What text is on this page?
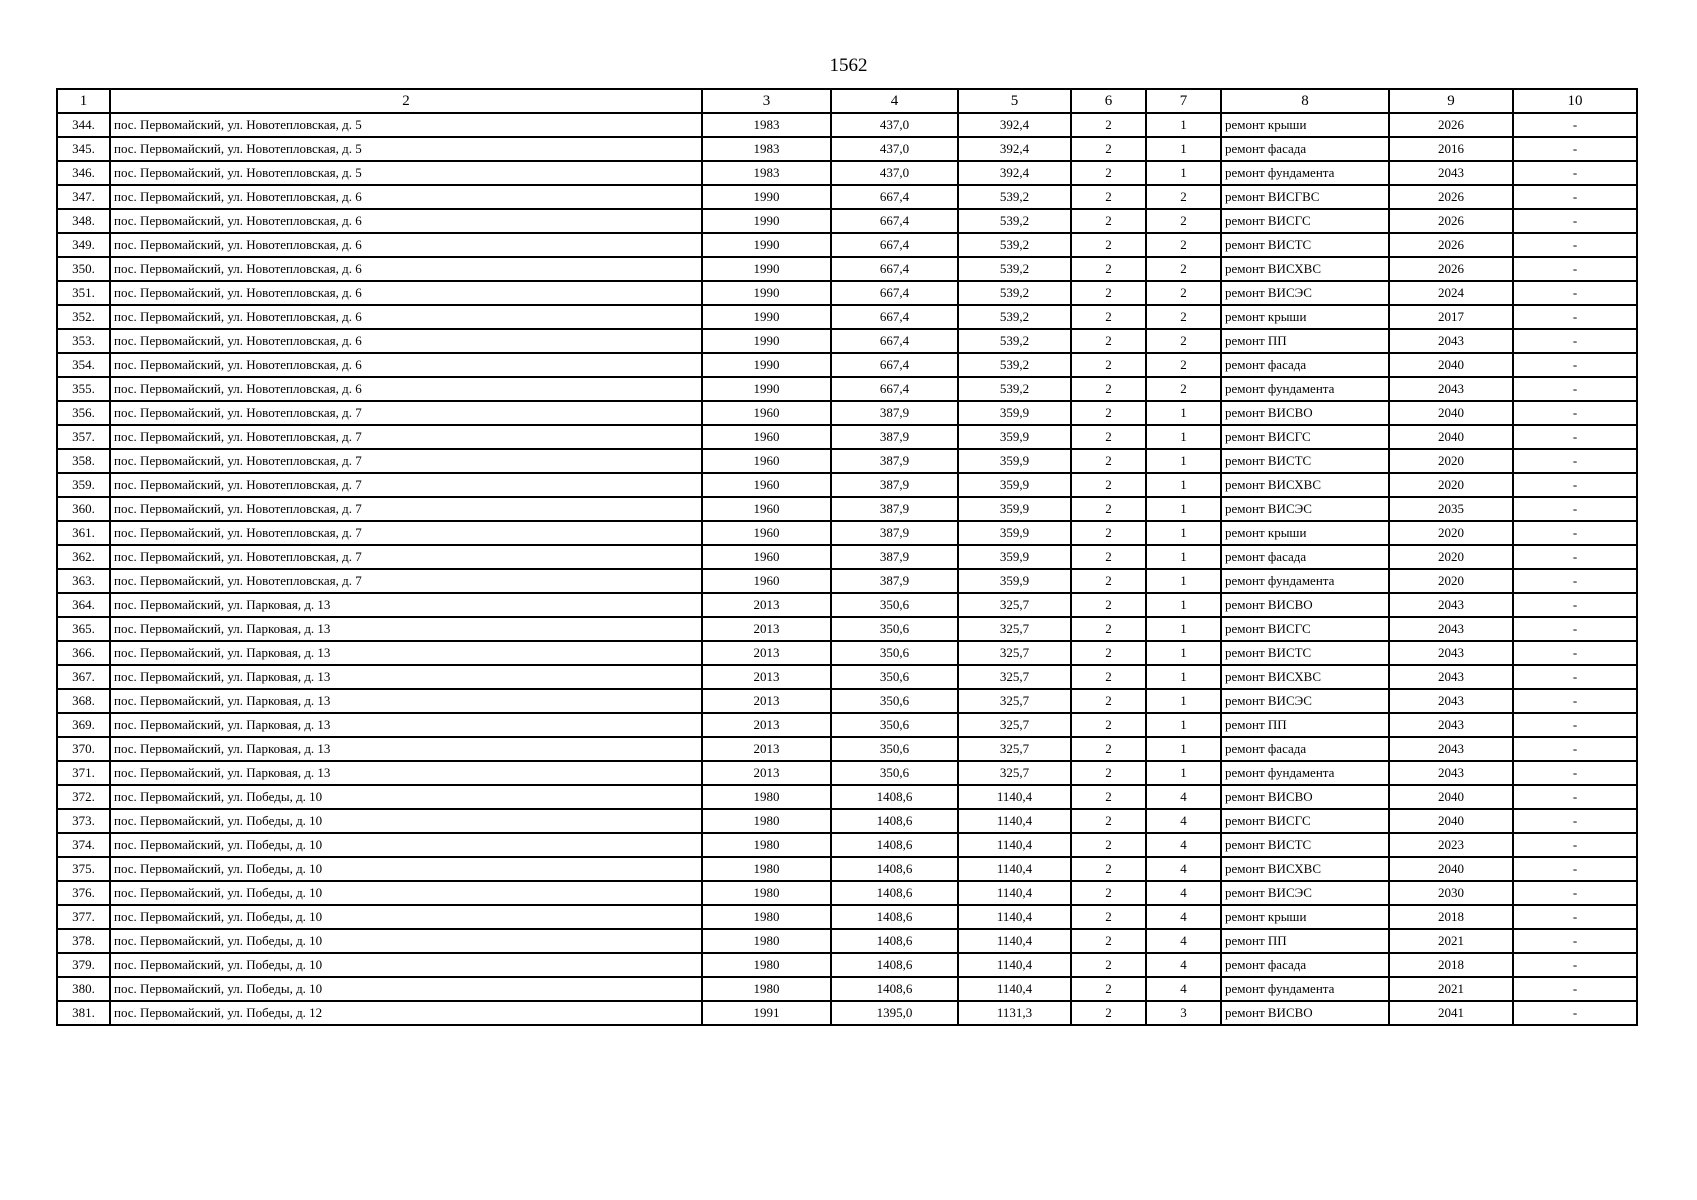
1562
1	2	3	4	5	6	7	8	9	10
344.	пос. Первомайский, ул. Новотепловская, д. 5	1983	437,0	392,4	2	1	ремонт крыши	2026	-
345.	пос. Первомайский, ул. Новотепловская, д. 5	1983	437,0	392,4	2	1	ремонт фасада	2016	-
346.	пос. Первомайский, ул. Новотепловская, д. 5	1983	437,0	392,4	2	1	ремонт фундамента	2043	-
347.	пос. Первомайский, ул. Новотепловская, д. 6	1990	667,4	539,2	2	2	ремонт ВИСГВС	2026	-
348.	пос. Первомайский, ул. Новотепловская, д. 6	1990	667,4	539,2	2	2	ремонт ВИСГС	2026	-
349.	пос. Первомайский, ул. Новотепловская, д. 6	1990	667,4	539,2	2	2	ремонт ВИСТС	2026	-
350.	пос. Первомайский, ул. Новотепловская, д. 6	1990	667,4	539,2	2	2	ремонт ВИСХВС	2026	-
351.	пос. Первомайский, ул. Новотепловская, д. 6	1990	667,4	539,2	2	2	ремонт ВИСЭС	2024	-
352.	пос. Первомайский, ул. Новотепловская, д. 6	1990	667,4	539,2	2	2	ремонт крыши	2017	-
353.	пос. Первомайский, ул. Новотепловская, д. 6	1990	667,4	539,2	2	2	ремонт ПП	2043	-
354.	пос. Первомайский, ул. Новотепловская, д. 6	1990	667,4	539,2	2	2	ремонт фасада	2040	-
355.	пос. Первомайский, ул. Новотепловская, д. 6	1990	667,4	539,2	2	2	ремонт фундамента	2043	-
356.	пос. Первомайский, ул. Новотепловская, д. 7	1960	387,9	359,9	2	1	ремонт ВИСВО	2040	-
357.	пос. Первомайский, ул. Новотепловская, д. 7	1960	387,9	359,9	2	1	ремонт ВИСГС	2040	-
358.	пос. Первомайский, ул. Новотепловская, д. 7	1960	387,9	359,9	2	1	ремонт ВИСТС	2020	-
359.	пос. Первомайский, ул. Новотепловская, д. 7	1960	387,9	359,9	2	1	ремонт ВИСХВС	2020	-
360.	пос. Первомайский, ул. Новотепловская, д. 7	1960	387,9	359,9	2	1	ремонт ВИСЭС	2035	-
361.	пос. Первомайский, ул. Новотепловская, д. 7	1960	387,9	359,9	2	1	ремонт крыши	2020	-
362.	пос. Первомайский, ул. Новотепловская, д. 7	1960	387,9	359,9	2	1	ремонт фасада	2020	-
363.	пос. Первомайский, ул. Новотепловская, д. 7	1960	387,9	359,9	2	1	ремонт фундамента	2020	-
364.	пос. Первомайский, ул. Парковая, д. 13	2013	350,6	325,7	2	1	ремонт ВИСВО	2043	-
365.	пос. Первомайский, ул. Парковая, д. 13	2013	350,6	325,7	2	1	ремонт ВИСГС	2043	-
366.	пос. Первомайский, ул. Парковая, д. 13	2013	350,6	325,7	2	1	ремонт ВИСТС	2043	-
367.	пос. Первомайский, ул. Парковая, д. 13	2013	350,6	325,7	2	1	ремонт ВИСХВС	2043	-
368.	пос. Первомайский, ул. Парковая, д. 13	2013	350,6	325,7	2	1	ремонт ВИСЭС	2043	-
369.	пос. Первомайский, ул. Парковая, д. 13	2013	350,6	325,7	2	1	ремонт ПП	2043	-
370.	пос. Первомайский, ул. Парковая, д. 13	2013	350,6	325,7	2	1	ремонт фасада	2043	-
371.	пос. Первомайский, ул. Парковая, д. 13	2013	350,6	325,7	2	1	ремонт фундамента	2043	-
372.	пос. Первомайский, ул. Победы, д. 10	1980	1408,6	1140,4	2	4	ремонт ВИСВО	2040	-
373.	пос. Первомайский, ул. Победы, д. 10	1980	1408,6	1140,4	2	4	ремонт ВИСГС	2040	-
374.	пос. Первомайский, ул. Победы, д. 10	1980	1408,6	1140,4	2	4	ремонт ВИСТС	2023	-
375.	пос. Первомайский, ул. Победы, д. 10	1980	1408,6	1140,4	2	4	ремонт ВИСХВС	2040	-
376.	пос. Первомайский, ул. Победы, д. 10	1980	1408,6	1140,4	2	4	ремонт ВИСЭС	2030	-
377.	пос. Первомайский, ул. Победы, д. 10	1980	1408,6	1140,4	2	4	ремонт крыши	2018	-
378.	пос. Первомайский, ул. Победы, д. 10	1980	1408,6	1140,4	2	4	ремонт ПП	2021	-
379.	пос. Первомайский, ул. Победы, д. 10	1980	1408,6	1140,4	2	4	ремонт фасада	2018	-
380.	пос. Первомайский, ул. Победы, д. 10	1980	1408,6	1140,4	2	4	ремонт фундамента	2021	-
381.	пос. Первомайский, ул. Победы, д. 12	1991	1395,0	1131,3	2	3	ремонт ВИСВО	2041	-
